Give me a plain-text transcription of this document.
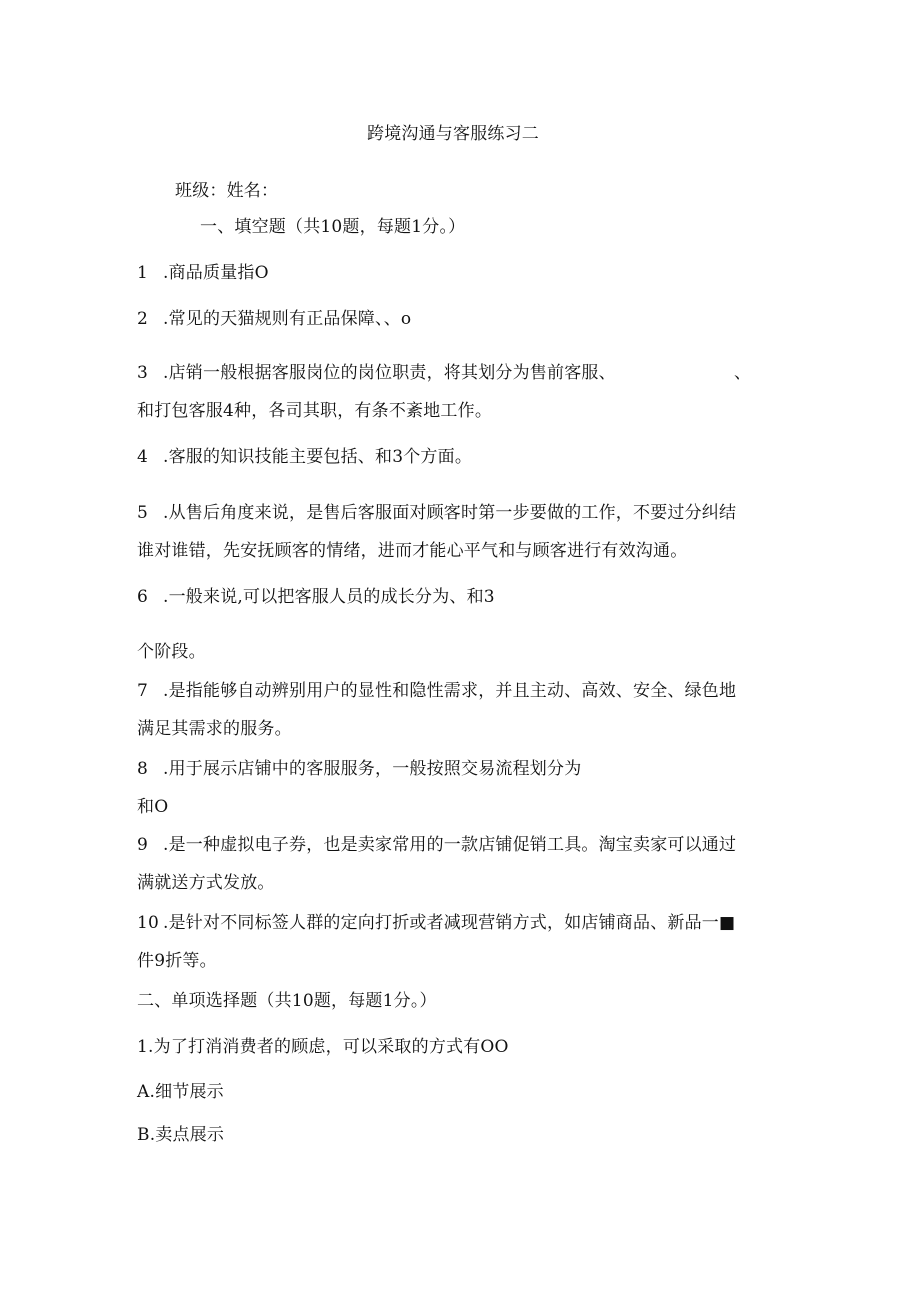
跨境沟通与客服练习二
班级：姓名：
一、填空题（共10题，每题1分。）
1 .商品质量指O
2 .常见的天猫规则有正品保障、、o
3 .店销一般根据客服岗位的岗位职责，将其划分为售前客服、	、
和打包客服4种，各司其职，有条不紊地工作。
4 .客服的知识技能主要包括、和3个方面。
5 .从售后角度来说，是售后客服面对顾客时第一步要做的工作，不要过分纠结
谁对谁错，先安抚顾客的情绪，进而才能心平气和与顾客进行有效沟通。
6 .一般来说,可以把客服人员的成长分为、和3
个阶段。
7 .是指能够自动辨别用户的显性和隐性需求，并且主动、高效、安全、绿色地
满足其需求的服务。
8 .用于展示店铺中的客服服务，一般按照交易流程划分为
和O
9 .是一种虚拟电子券，也是卖家常用的一款店铺促销工具。淘宝卖家可以通过
满就送方式发放。
10 .是针对不同标签人群的定向打折或者减现营销方式，如店铺商品、新品一■
件9折等。
二、单项选择题（共10题，每题1分。）
1.为了打消消费者的顾虑，可以采取的方式有OO
A.细节展示
B.卖点展示
